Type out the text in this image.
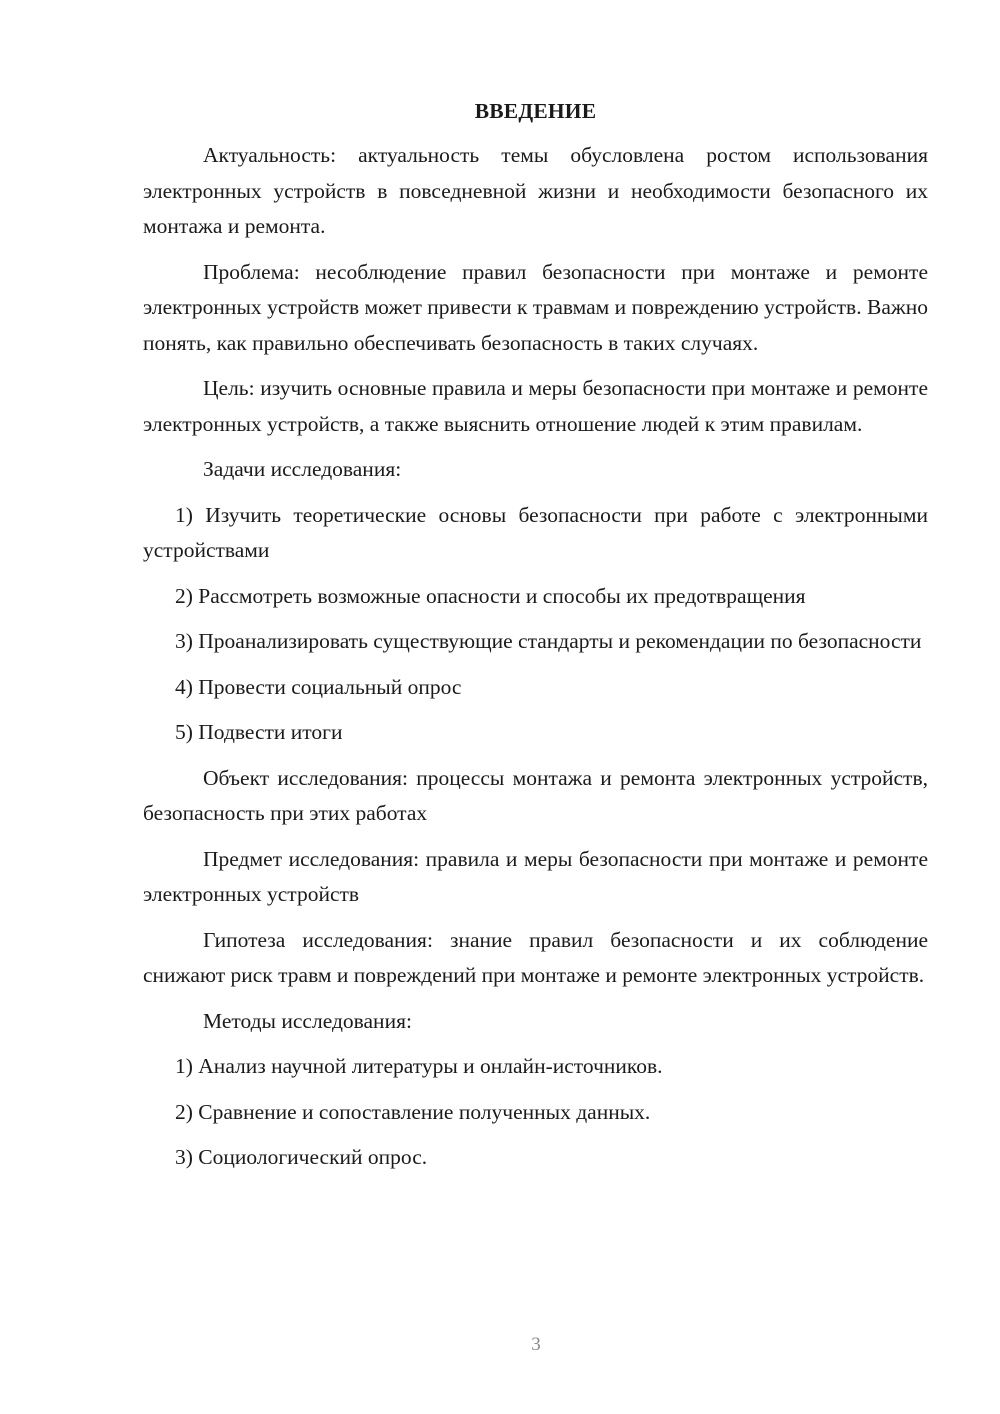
ВВЕДЕНИЕ

Актуальность: актуальность темы обусловлена ростом использования электронных устройств в повседневной жизни и необходимости безопасного их монтажа и ремонта.

Проблема: несоблюдение правил безопасности при монтаже и ремонте электронных устройств может привести к травмам и повреждению устройств. Важно понять, как правильно обеспечивать безопасность в таких случаях.

Цель: изучить основные правила и меры безопасности при монтаже и ремонте электронных устройств, а также выяснить отношение людей к этим правилам.

Задачи исследования:

1) Изучить теоретические основы безопасности при работе с электронными устройствами

2) Рассмотреть возможные опасности и способы их предотвращения

3) Проанализировать существующие стандарты и рекомендации по безопасности

4) Провести социальный опрос

5) Подвести итоги

Объект исследования: процессы монтажа и ремонта электронных устройств, безопасность при этих работах

Предмет исследования: правила и меры безопасности при монтаже и ремонте электронных устройств

Гипотеза исследования: знание правил безопасности и их соблюдение снижают риск травм и повреждений при монтаже и ремонте электронных устройств.

Методы исследования:

1) Анализ научной литературы и онлайн-источников.

2) Сравнение и сопоставление полученных данных.

3) Социологический опрос.

3
